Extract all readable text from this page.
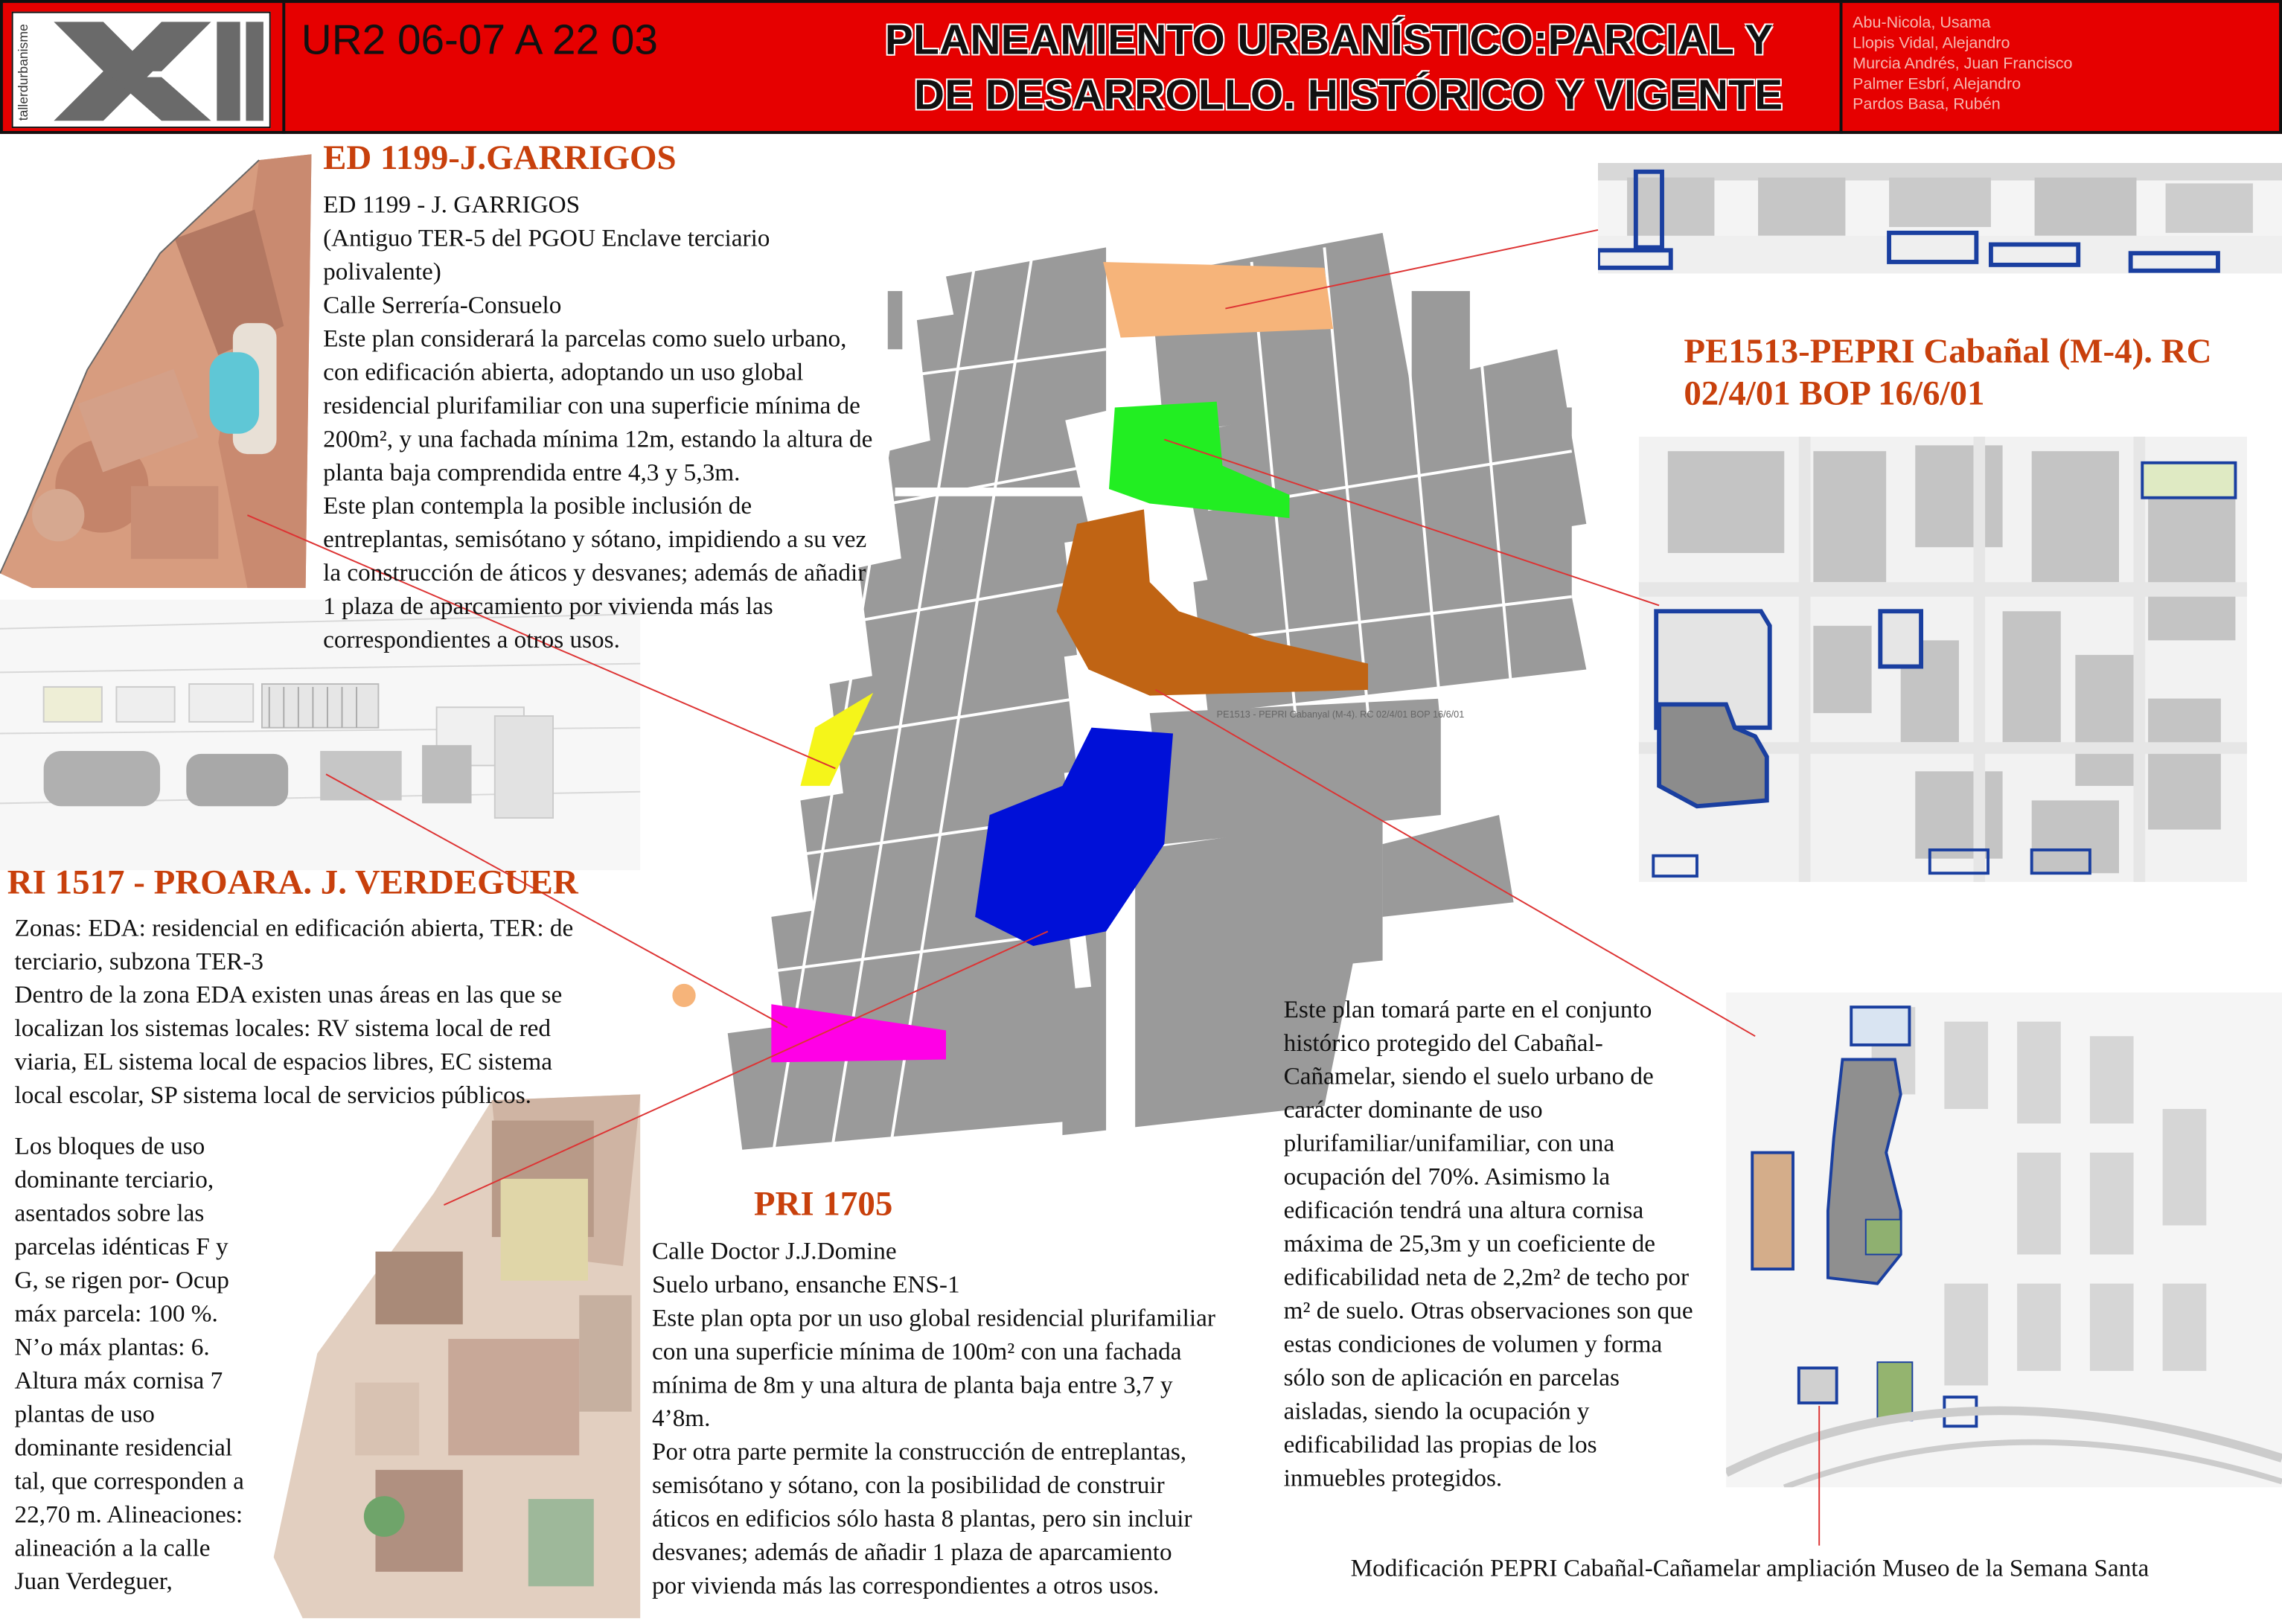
tallerdurbanisme	UR2 06-07 A 22 03	PLANEAMIENTO URBANÍSTICO:PARCIAL Y
DE DESARROLLO. HISTÓRICO Y VIGENTE
Abu-Nicola, Usama
Llopis Vidal, Alejandro
Murcia Andrés, Juan Francisco
Palmer Esbrí, Alejandro
Pardos Basa, Rubén
PE1513 - PEPRI Cabanyal (M-4). RC 02/4/01 BOP 16/6/01
ED 1199-J.GARRIGOS

ED 1199 - J. GARRIGOS

(Antiguo TER-5 del PGOU Enclave terciario

polivalente)

Calle Serrería-Consuelo

Este plan considerará la parcelas como suelo urbano,

con edificación abierta, adoptando un uso global

residencial plurifamiliar con una superficie mínima de

200m², y una fachada mínima 12m, estando la altura de

planta baja comprendida entre 4,3 y 5,3m.

Este plan contempla la posible inclusión de

entreplantas, semisótano y sótano, impidiendo a su vez

la construcción de áticos y desvanes; además de añadir

1 plaza de aparcamiento por vivienda más las

correspondientes a otros usos.

PE1513-PEPRI Cabañal (M-4). RC
02/4/01 BOP 16/6/01
RI 1517 - PROARA. J. VERDEGUER

Zonas: EDA: residencial en edificación abierta, TER: de

terciario, subzona TER-3

Dentro de la zona EDA existen unas áreas en las que se

localizan los sistemas locales: RV sistema local de red

viaria, EL sistema local de espacios libres, EC sistema

local escolar, SP sistema local de servicios públicos.

Los bloques de uso

dominante terciario,

asentados sobre las

parcelas idénticas F y

G, se rigen por- Ocup

máx parcela: 100 %.

N’o máx plantas: 6.

Altura máx cornisa 7

plantas de uso

dominante residencial

tal, que corresponden a

22,70 m. Alineaciones:

alineación a la calle

Juan Verdeguer,

PRI 1705

Calle Doctor J.J.Domine

Suelo urbano, ensanche ENS-1

Este plan opta por un uso global residencial plurifamiliar

con una superficie mínima de 100m² con una fachada

mínima de 8m y una altura de planta baja entre 3,7 y

4’8m.

Por otra parte permite la construcción de entreplantas,

semisótano y sótano, con la posibilidad de construir

áticos en edificios sólo hasta 8 plantas, pero sin incluir

desvanes; además de añadir 1 plaza de aparcamiento

por vivienda más las correspondientes a otros usos.

Este plan tomará parte en el conjunto

histórico protegido del Cabañal-

Cañamelar, siendo el suelo urbano de

carácter dominante de uso

plurifamiliar/unifamiliar, con una

ocupación del 70%. Asimismo la

edificación tendrá una altura cornisa

máxima de 25,3m y un coeficiente de

edificabilidad neta de 2,2m² de techo por

m² de suelo. Otras observaciones son que

estas condiciones de volumen y forma

sólo son de aplicación en parcelas

aisladas, siendo la ocupación y

edificabilidad las propias de los

inmuebles protegidos.

Modificación PEPRI Cabañal-Cañamelar ampliación Museo de la Semana Santa
